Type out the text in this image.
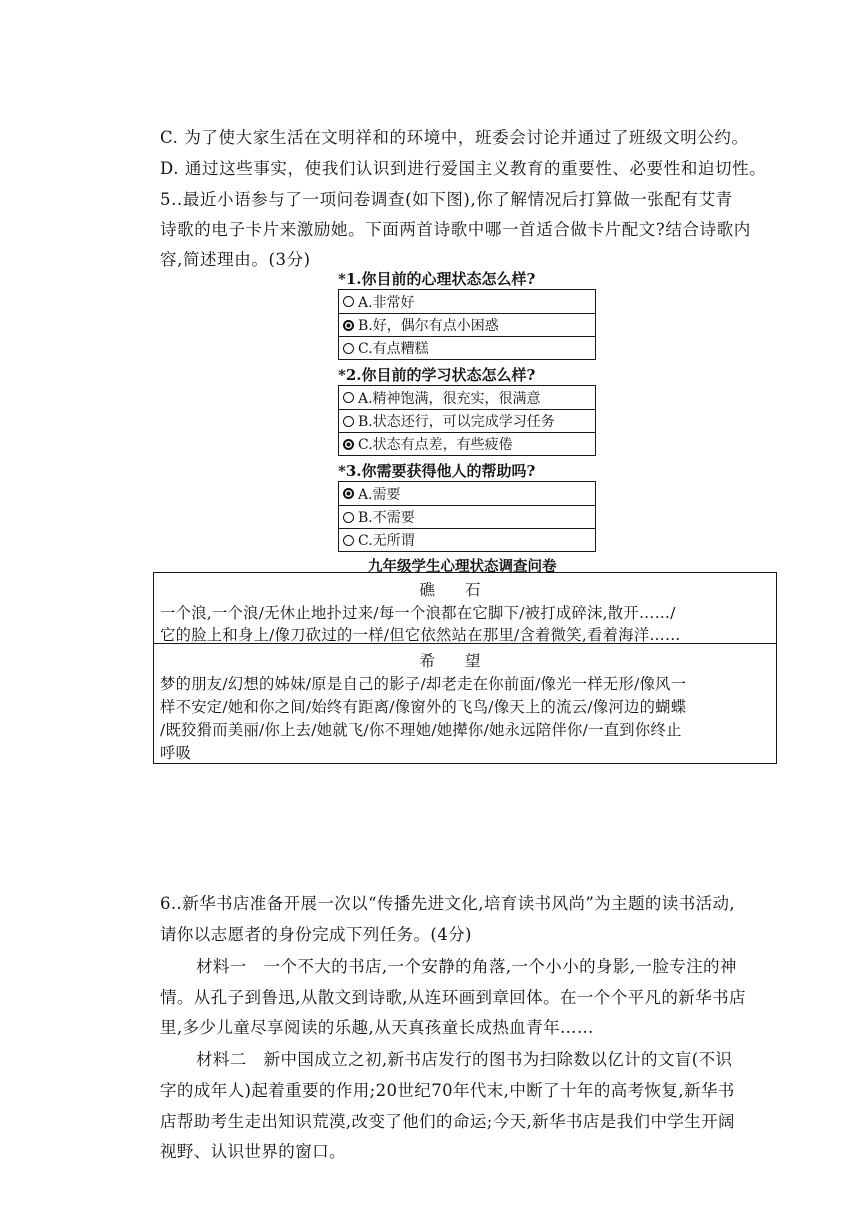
C. 为了使大家生活在文明祥和的环境中，班委会讨论并通过了班级文明公约。
D. 通过这些事实，使我们认识到进行爱国主义教育的重要性、必要性和迫切性。
5..最近小语参与了一项问卷调查(如下图),你了解情况后打算做一张配有艾青
诗歌的电子卡片来激励她。下面两首诗歌中哪一首适合做卡片配文?结合诗歌内
容,简述理由。(3分)
*1.你目前的心理状态怎么样?
A.非常好
B.好，偶尔有点小困惑
C.有点糟糕
*2.你目前的学习状态怎么样?
A.精神饱满，很充实，很满意
B.状态还行，可以完成学习任务
C.状态有点差，有些疲倦
*3.你需要获得他人的帮助吗?
A.需要
B.不需要
C.无所谓
九年级学生心理状态调查问卷
礁石
一个浪,一个浪/无休止地扑过来/每一个浪都在它脚下/被打成碎沫,散开……/
它的脸上和身上/像刀砍过的一样/但它依然站在那里/含着微笑,看着海洋……
希望
梦的朋友/幻想的姊妹/原是自己的影子/却老走在你前面/像光一样无形/像风一
样不安定/她和你之间/始终有距离/像窗外的飞鸟/像天上的流云/像河边的蝴蝶
/既狡猾而美丽/你上去/她就飞/你不理她/她撵你/她永远陪伴你/一直到你终止
呼吸
6..新华书店准备开展一次以“传播先进文化,培育读书风尚”为主题的读书活动,
请你以志愿者的身份完成下列任务。(4分)
材料一　一个不大的书店,一个安静的角落,一个小小的身影,一脸专注的神
情。从孔子到鲁迅,从散文到诗歌,从连环画到章回体。在一个个平凡的新华书店
里,多少儿童尽享阅读的乐趣,从天真孩童长成热血青年……
材料二　新中国成立之初,新书店发行的图书为扫除数以亿计的文盲(不识
字的成年人)起着重要的作用;20世纪70年代末,中断了十年的高考恢复,新华书
店帮助考生走出知识荒漠,改变了他们的命运;今天,新华书店是我们中学生开阔
视野、认识世界的窗口。
